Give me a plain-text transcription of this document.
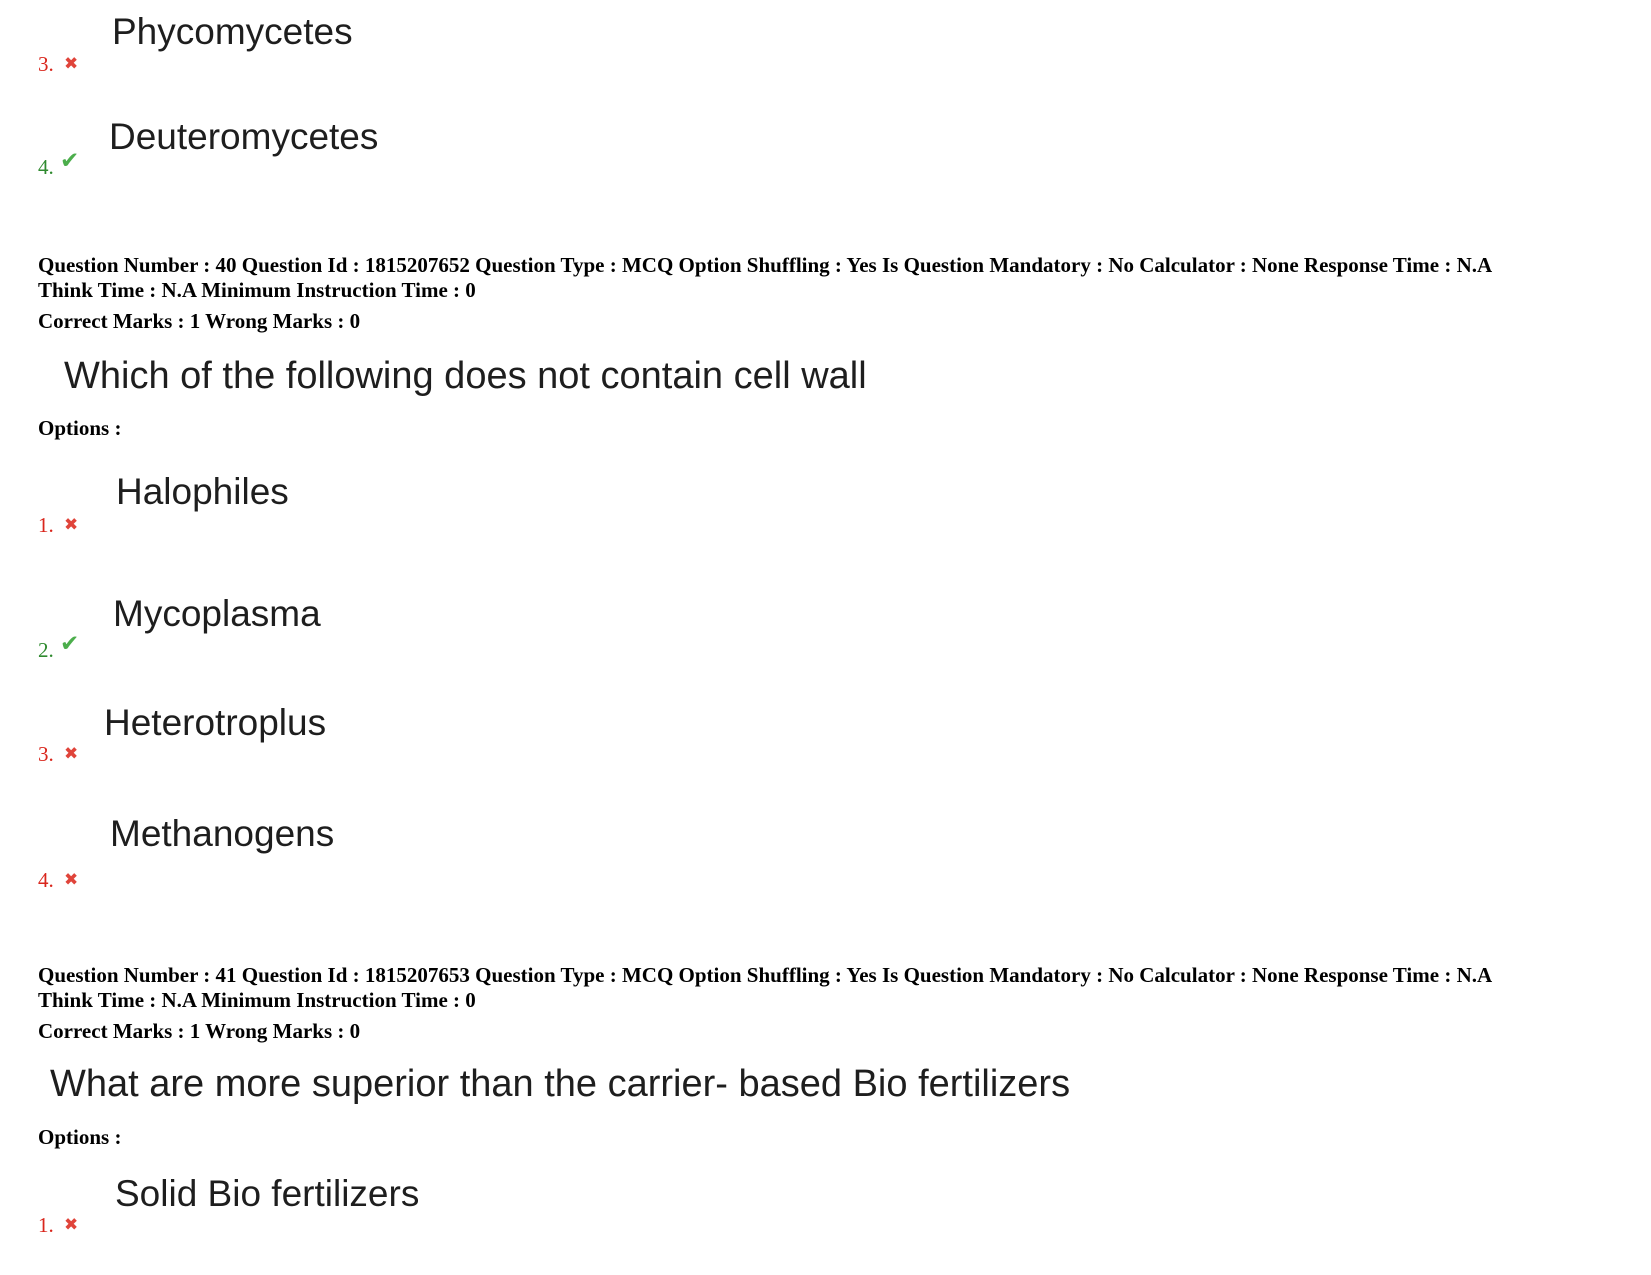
Phycomycetes
3. ✖
Deuteromycetes
4. ✔
Question Number : 40 Question Id : 1815207652 Question Type : MCQ Option Shuffling : Yes Is Question Mandatory : No Calculator : None Response Time : N.A
Think Time : N.A Minimum Instruction Time : 0
Correct Marks : 1 Wrong Marks : 0
Which of the following does not contain cell wall
Options :
Halophiles
1. ✖
Mycoplasma
2. ✔
Heterotroplus
3. ✖
Methanogens
4. ✖
Question Number : 41 Question Id : 1815207653 Question Type : MCQ Option Shuffling : Yes Is Question Mandatory : No Calculator : None Response Time : N.A
Think Time : N.A Minimum Instruction Time : 0
Correct Marks : 1 Wrong Marks : 0
What are more superior than the carrier- based Bio fertilizers
Options :
Solid Bio fertilizers
1. ✖
